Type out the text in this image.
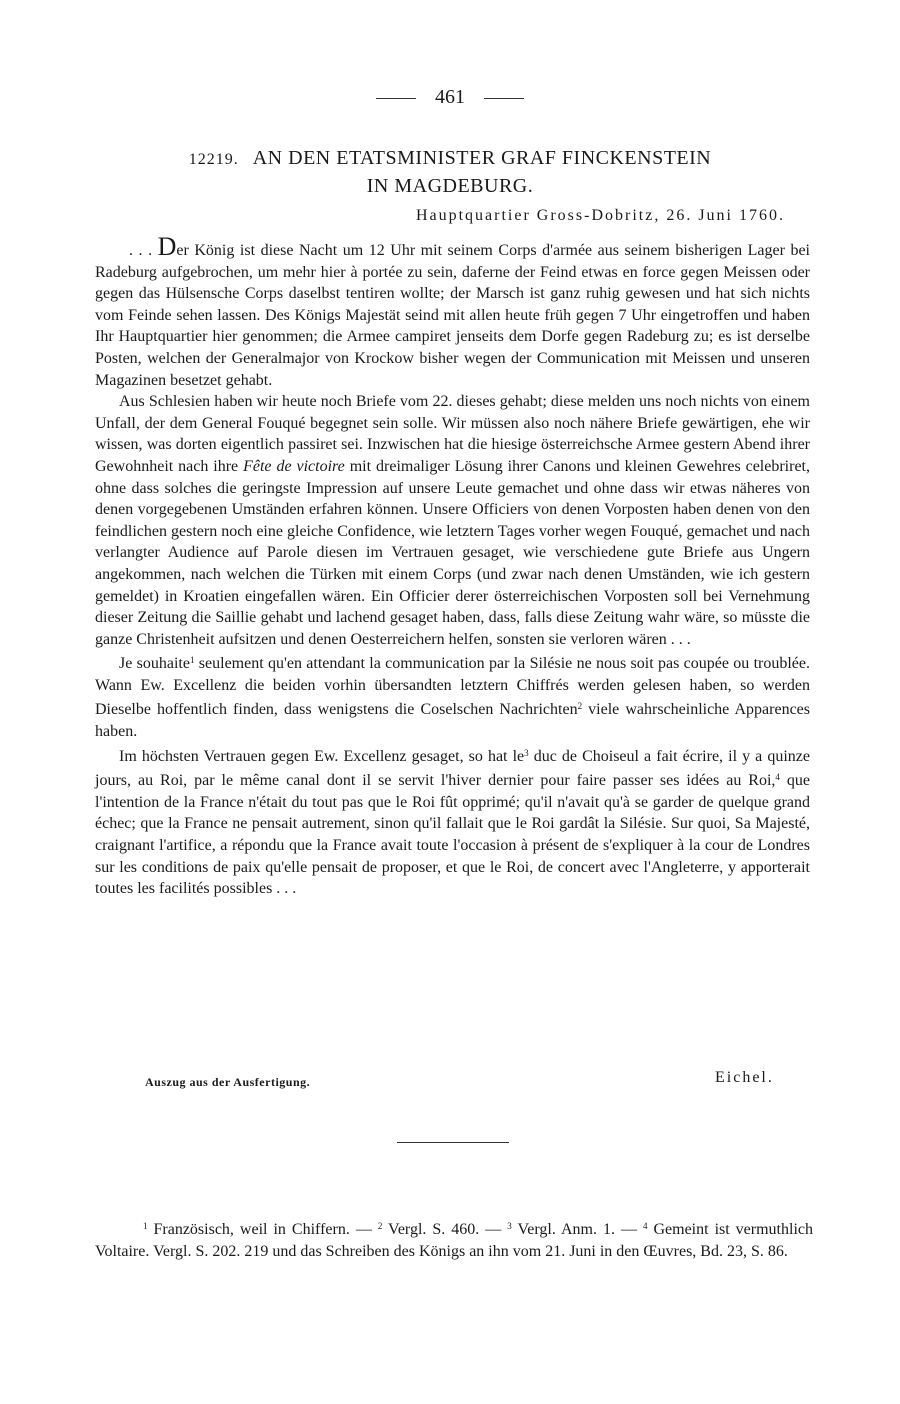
461
12219. AN DEN ETATSMINISTER GRAF FINCKENSTEIN
IN MAGDEBURG.
Hauptquartier Gross-Dobritz, 26. Juni 1760.

. . . Der König ist diese Nacht um 12 Uhr mit seinem Corps d'armée aus seinem bisherigen Lager bei Radeburg aufgebrochen, um mehr hier à portée zu sein, daferne der Feind etwas en force gegen Meissen oder gegen das Hülsensche Corps daselbst tentiren wollte; der Marsch ist ganz ruhig gewesen und hat sich nichts vom Feinde sehen lassen. Des Königs Majestät seind mit allen heute früh gegen 7 Uhr eingetroffen und haben Ihr Hauptquartier hier genommen; die Armee campiret jenseits dem Dorfe gegen Radeburg zu; es ist derselbe Posten, welchen der Generalmajor von Krockow bisher wegen der Communication mit Meissen und unseren Magazinen besetzet gehabt.

Aus Schlesien haben wir heute noch Briefe vom 22. dieses gehabt; diese melden uns noch nichts von einem Unfall, der dem General Fouqué begegnet sein solle. Wir müssen also noch nähere Briefe gewärtigen, ehe wir wissen, was dorten eigentlich passiret sei. Inzwischen hat die hiesige österreichsche Armee gestern Abend ihrer Gewohnheit nach ihre Fête de victoire mit dreimaliger Lösung ihrer Canons und kleinen Gewehres celebriret, ohne dass solches die geringste Impression auf unsere Leute gemachet und ohne dass wir etwas näheres von denen vorgegebenen Umständen erfahren können. Unsere Officiers von denen Vorposten haben denen von den feindlichen gestern noch eine gleiche Confidence, wie letztern Tages vorher wegen Fouqué, gemachet und nach verlangter Audience auf Parole diesen im Vertrauen gesaget, wie verschiedene gute Briefe aus Ungern angekommen, nach welchen die Türken mit einem Corps (und zwar nach denen Umständen, wie ich gestern gemeldet) in Kroatien eingefallen wären. Ein Officier derer österreichischen Vorposten soll bei Vernehmung dieser Zeitung die Saillie gehabt und lachend gesaget haben, dass, falls diese Zeitung wahr wäre, so müsste die ganze Christenheit aufsitzen und denen Oesterreichern helfen, sonsten sie verloren wären . . .

Je souhaite$^1$ seulement qu'en attendant la communication par la Silésie ne nous soit pas coupée ou troublée. Wann Ew. Excellenz die beiden vorhin übersandten letztern Chiffrés werden gelesen haben, so werden Dieselbe hoffentlich finden, dass wenigstens die Coselschen Nachrichten$^2$ viele wahrscheinliche Apparences haben.

Im höchsten Vertrauen gegen Ew. Excellenz gesaget, so hat $le^3$ duc de Choiseul a fait écrire, il y a quinze jours, au Roi, par le même canal dont il se servit l'hiver dernier pour faire passer ses idées au Roi,$^4$ que l'intention de la France n'était du tout pas que le Roi fût opprimé; qu'il n'avait qu'à se garder de quelque grand échec; que la France ne pensait autrement, sinon qu'il fallait que le Roi gardât la Silésie. Sur quoi, Sa Majesté, craignant l'artifice, a répondu que la France avait toute l'occasion à présent de s'expliquer à la cour de Londres sur les conditions de paix qu'elle pensait de proposer, et que le Roi, de concert avec l'Angleterre, y apporterait toutes les facilités possibles . . .

Auszug aus der Ausfertigung.	Eichel.

$^1$ Französisch, weil in Chiffern. — $^2$ Vergl. S. 460. — $^3$ Vergl. Anm. 1. — $^4$ Gemeint ist vermuthlich Voltaire. Vergl. S. 202. 219 und das Schreiben des Königs an ihn vom 21. Juni in den Œuvres, Bd. 23, S. 86.
